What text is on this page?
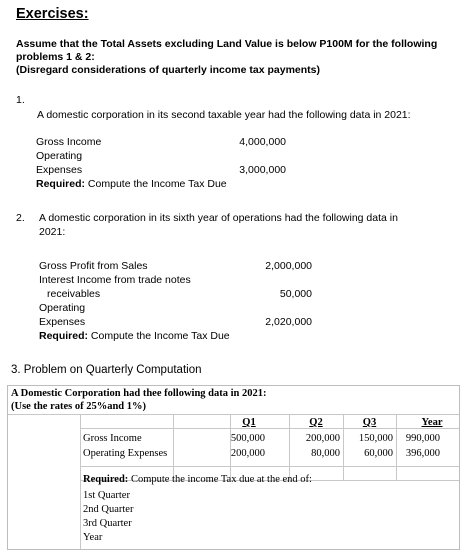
Exercises:
Assume that the Total Assets excluding Land Value is below P100M for the following
problems 1 & 2:
(Disregard considerations of quarterly income tax payments)
1.
A domestic corporation in its second taxable year had the following data in 2021:
Gross Income	4,000,000
Operating
Expenses	3,000,000
Required: Compute the Income Tax Due
2. A domestic corporation in its sixth year of operations had the following data in
2021:
Gross Profit from Sales	2,000,000
Interest Income from trade notes
receivables	50,000
Operating
Expenses	2,020,000
Required: Compute the Income Tax Due
3. Problem on Quarterly Computation
A Domestic Corporation had thee following data in 2021:
(Use the rates of 25%and 1%)
Q1	Q2	Q3	Year
Gross Income	500,000	200,000	150,000	990,000
Operating Expenses	200,000	80,000	60,000	396,000
Required: Compute the income Tax due at the end of:
1st Quarter
2nd Quarter
3rd Quarter
Year
